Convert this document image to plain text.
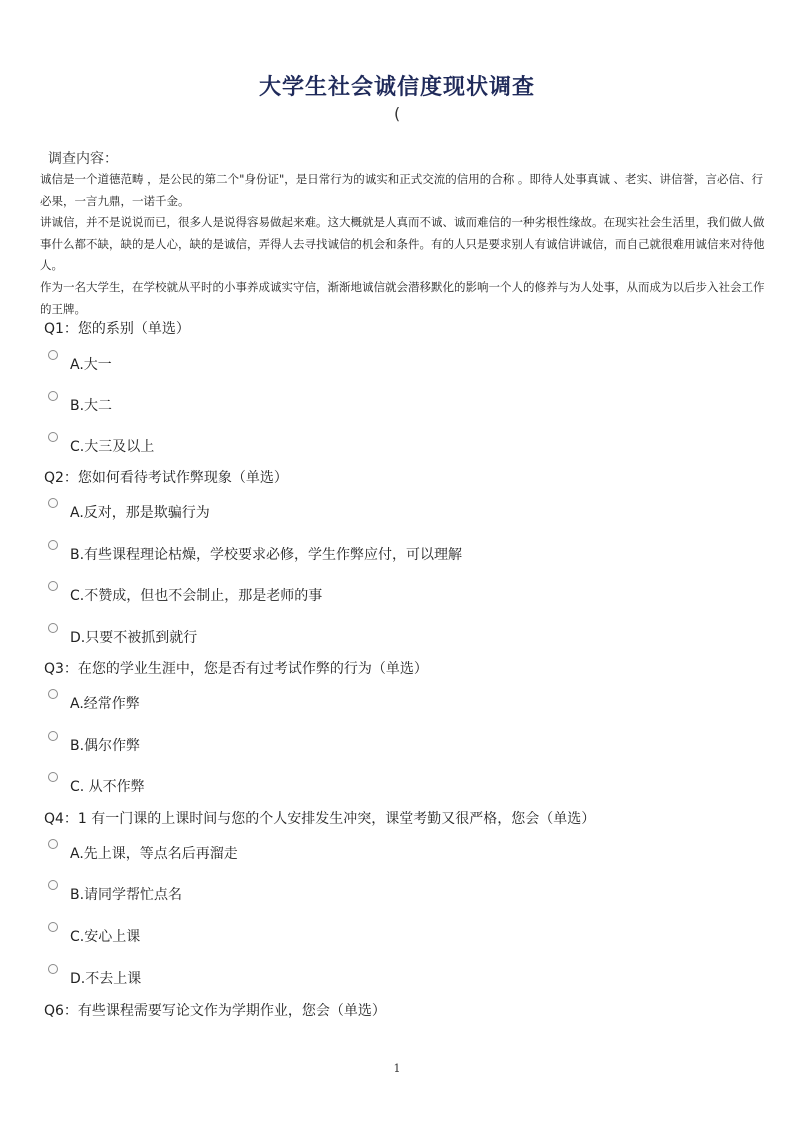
大学生社会诚信度现状调查
(
调查内容：
诚信是一个道德范畴 ，是公民的第二个"身份证"，是日常行为的诚实和正式交流的信用的合称 。即待人处事真诚 、老实、讲信誉，言必信、行必果，一言九鼎，一诺千金。
讲诚信，并不是说说而已，很多人是说得容易做起来难。这大概就是人真而不诚、诚而难信的一种劣根性缘故。在现实社会生活里，我们做人做事什么都不缺，缺的是人心，缺的是诚信，弄得人去寻找诚信的机会和条件。有的人只是要求别人有诚信讲诚信，而自己就很难用诚信来对待他人。
作为一名大学生，在学校就从平时的小事养成诚实守信，渐渐地诚信就会潜移默化的影响一个人的修养与为人处事，从而成为以后步入社会工作的王牌。
Q1：您的系别（单选）
A.大一
B.大二
C.大三及以上
Q2：您如何看待考试作弊现象（单选）
A.反对，那是欺骗行为
B.有些课程理论枯燥，学校要求必修，学生作弊应付，可以理解
C.不赞成，但也不会制止，那是老师的事
D.只要不被抓到就行
Q3：在您的学业生涯中，您是否有过考试作弊的行为（单选）
A.经常作弊
B.偶尔作弊
C. 从不作弊
Q4：1 有一门课的上课时间与您的个人安排发生冲突，课堂考勤又很严格，您会（单选）
A.先上课，等点名后再溜走
B.请同学帮忙点名
C.安心上课
D.不去上课
Q6：有些课程需要写论文作为学期作业，您会（单选）
1
